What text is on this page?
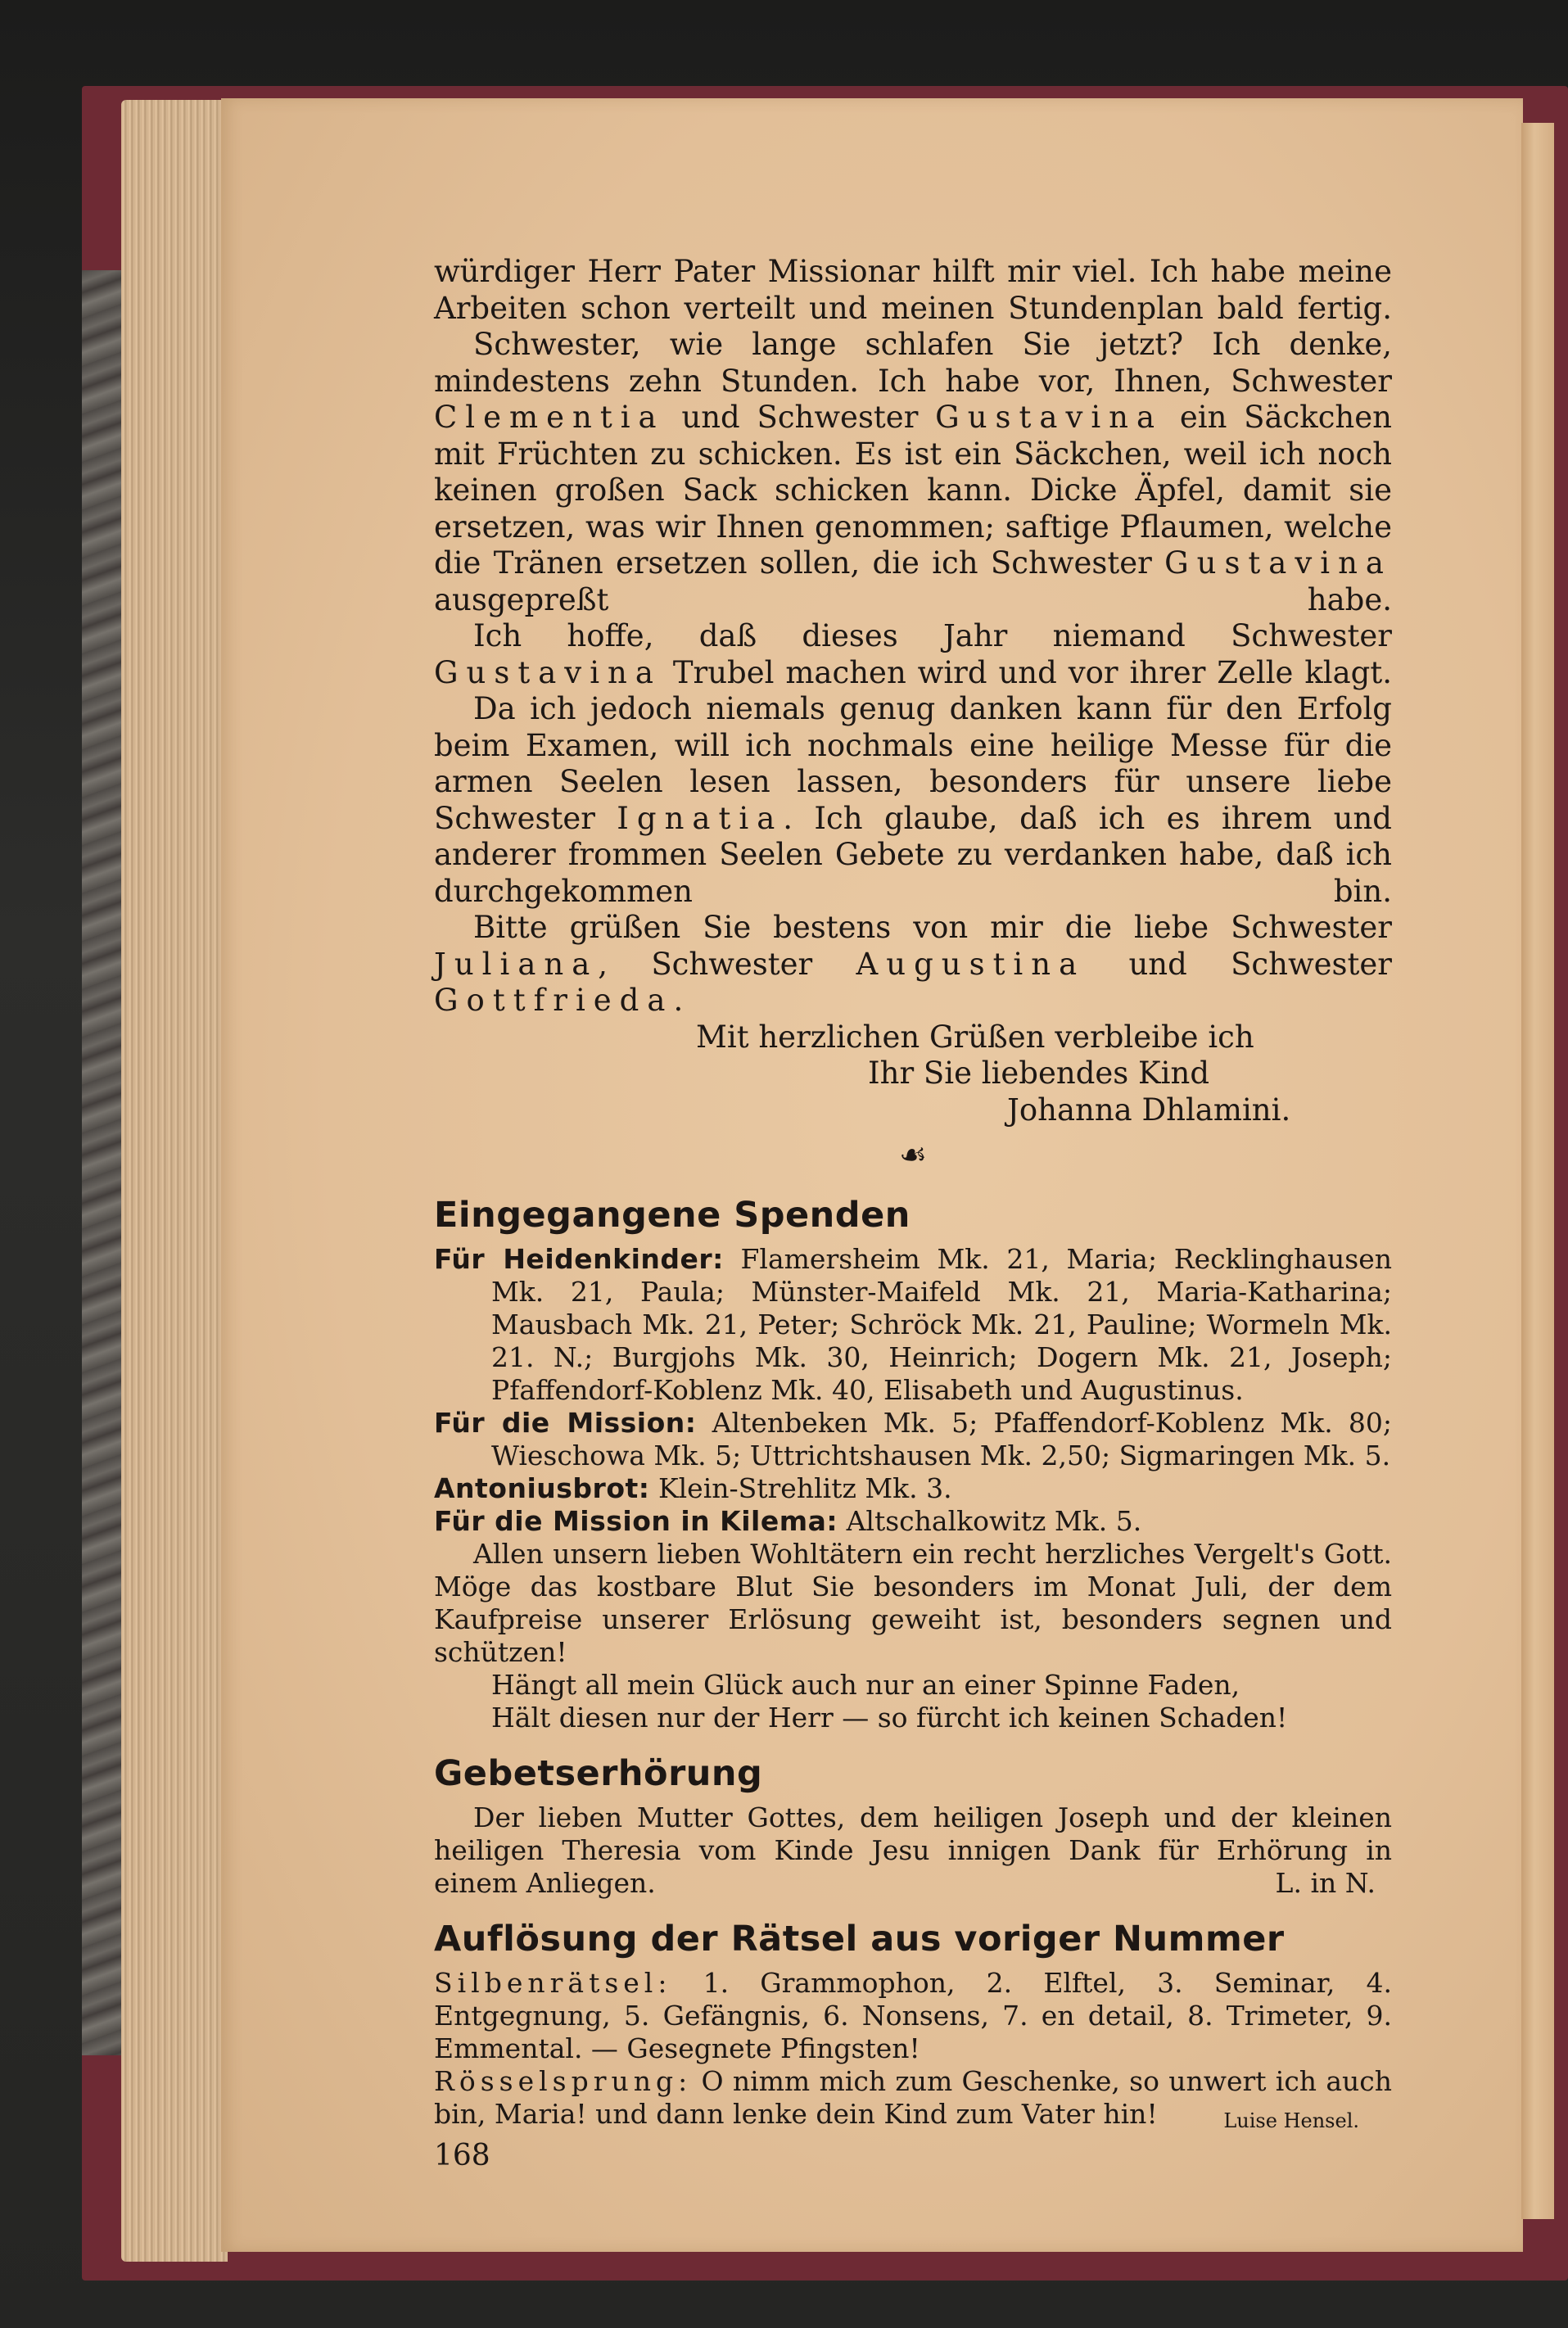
würdiger Herr Pater Missionar hilft mir viel. Ich habe meine Arbeiten schon verteilt und meinen Stundenplan bald fertig.

Schwester, wie lange schlafen Sie jetzt? Ich denke, mindestens zehn Stunden. Ich habe vor, Ihnen, Schwester Clementia und Schwester Gustavina ein Säckchen mit Früchten zu schicken. Es ist ein Säckchen, weil ich noch keinen großen Sack schicken kann. Dicke Äpfel, damit sie ersetzen, was wir Ihnen genommen; saftige Pflaumen, welche die Tränen ersetzen sollen, die ich Schwester Gustavina ausgepreßt habe.

Ich hoffe, daß dieses Jahr niemand Schwester Gustavina Trubel machen wird und vor ihrer Zelle klagt.

Da ich jedoch niemals genug danken kann für den Erfolg beim Examen, will ich nochmals eine heilige Messe für die armen Seelen lesen lassen, besonders für unsere liebe Schwester Ignatia. Ich glaube, daß ich es ihrem und anderer frommen Seelen Gebete zu verdanken habe, daß ich durchgekommen bin.

Bitte grüßen Sie bestens von mir die liebe Schwester Juliana, Schwester Augustina und Schwester Gottfrieda.

Mit herzlichen Grüßen verbleibe ich
Ihr Sie liebendes Kind
Johanna Dhlamini.
☙
Eingegangene Spenden

Für Heidenkinder: Flamersheim Mk. 21, Maria; Recklinghausen Mk. 21, Paula; Münster-Maifeld Mk. 21, Maria-Katharina; Mausbach Mk. 21, Peter; Schröck Mk. 21, Pauline; Wormeln Mk. 21. N.; Burgjohs Mk. 30, Heinrich; Dogern Mk. 21, Joseph; Pfaffendorf-Koblenz Mk. 40, Elisabeth und Augustinus.

Für die Mission: Altenbeken Mk. 5; Pfaffendorf-Koblenz Mk. 80; Wieschowa Mk. 5; Uttrichtshausen Mk. 2,50; Sigmaringen Mk. 5.

Antoniusbrot: Klein-Strehlitz Mk. 3.

Für die Mission in Kilema: Altschalkowitz Mk. 5.

Allen unsern lieben Wohltätern ein recht herzliches Vergelt's Gott. Möge das kostbare Blut Sie besonders im Monat Juli, der dem Kaufpreise unserer Erlösung geweiht ist, besonders segnen und schützen!

Hängt all mein Glück auch nur an einer Spinne Faden,
Hält diesen nur der Herr — so fürcht ich keinen Schaden!
Gebetserhörung

Der lieben Mutter Gottes, dem heiligen Joseph und der kleinen heiligen Theresia vom Kinde Jesu innigen Dank für Erhörung in einem Anliegen.	L. in N.

Auflösung der Rätsel aus voriger Nummer

Silbenrätsel: 1. Grammophon, 2. Elftel, 3. Seminar, 4. Entgegnung, 5. Gefängnis, 6. Nonsens, 7. en detail, 8. Trimeter, 9. Emmental. — Gesegnete Pfingsten!

Rösselsprung: O nimm mich zum Geschenke, so unwert ich auch bin, Maria! und dann lenke dein Kind zum Vater hin!	Luise Hensel.

168
